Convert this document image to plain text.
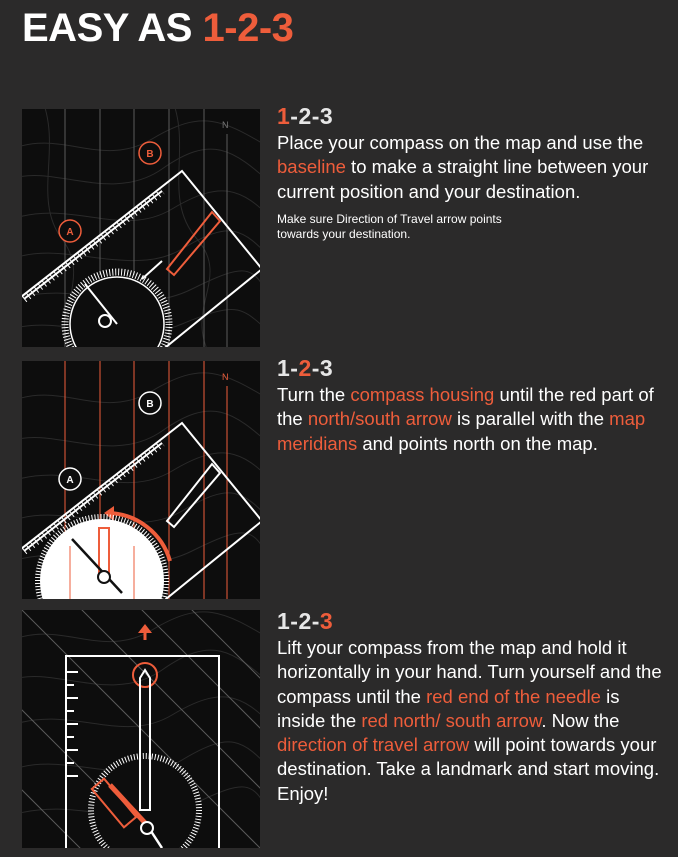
EASY AS 1-2-3
N
B
A
1-2-3
Place your compass on the map and use the baseline to make a straight line between your current position and your destination.
Make sure Direction of Travel arrow points towards your destination.
N
B
A
1-2-3
Turn the compass housing until the red part of the north/south arrow is parallel with the map meridians and points north on the map.
1-2-3
Lift your compass from the map and hold it horizontally in your hand. Turn yourself and the compass until the red end of the needle is inside the red north/ south arrow. Now the direction of travel arrow will point towards your destination. Take a landmark and start moving. Enjoy!
